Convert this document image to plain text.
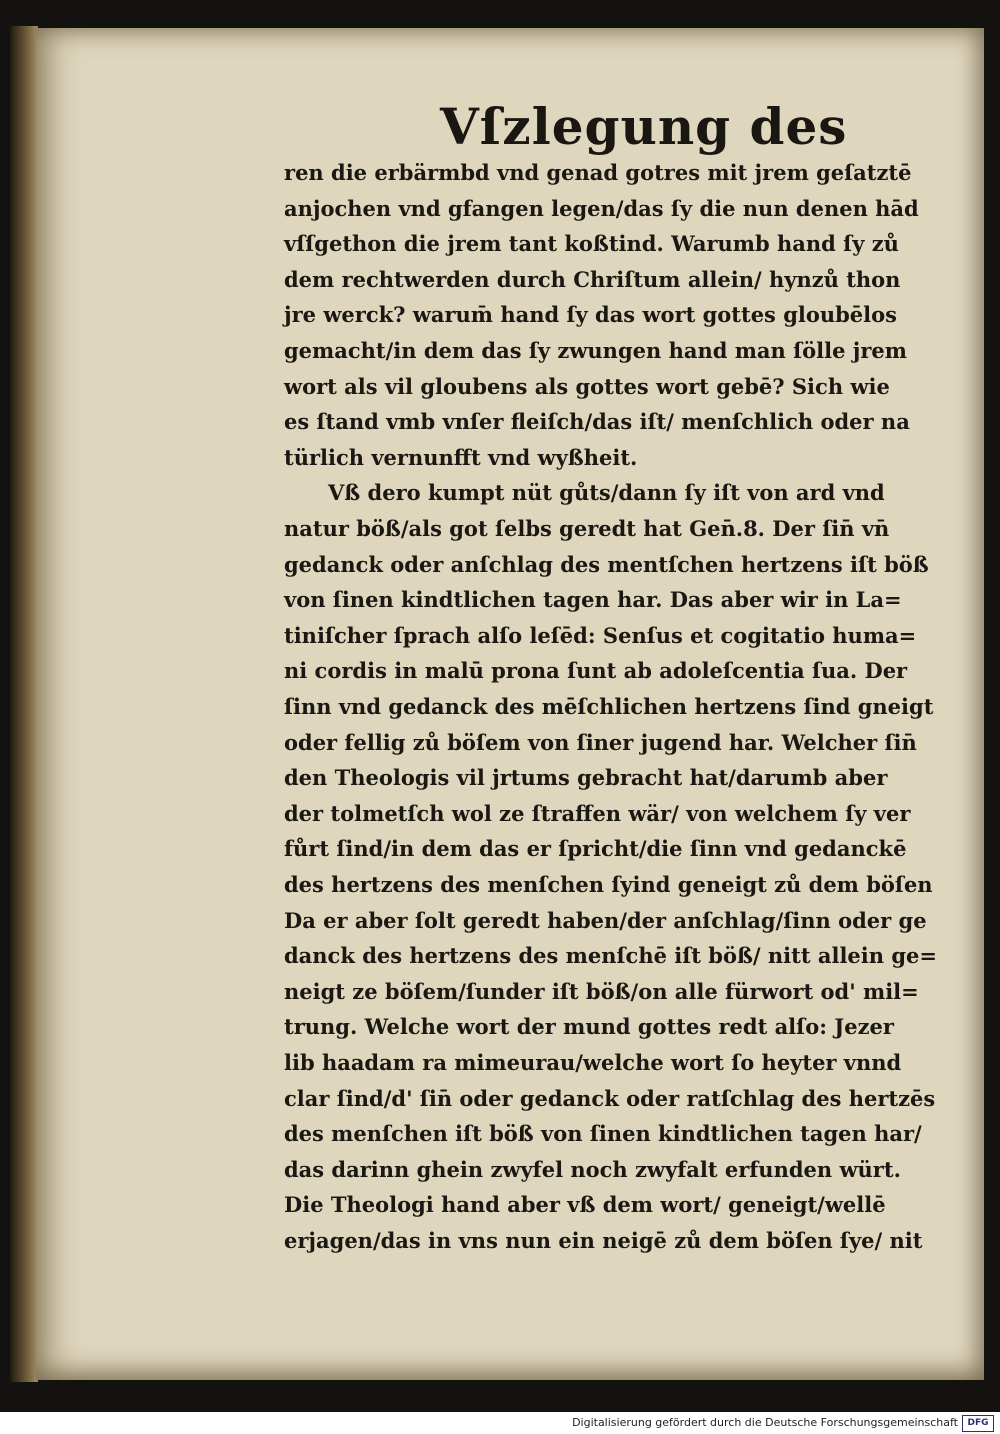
Vſzlegung des
ren die erbärmbd vnd genad gotres mit jrem geſatztē
anjochen vnd gfangen legen/das ſy die nun denen hād
vſſgethon die jrem tant koßtind. Warumb hand ſy zů
dem rechtwerden durch Chriſtum allein/ hynzů thon
jre werck? warum̄ hand ſy das wort gottes gloubēlos
gemacht/in dem das ſy zwungen hand man ſölle jrem
wort als vil gloubens als gottes wort gebē? Sich wie
es ſtand vmb vnſer fleiſch/das iſt/ menſchlich oder na
türlich vernunfft vnd wyßheit.
Vß dero kumpt nüt gůts/dann ſy iſt von ard vnd
natur böß/als got ſelbs geredt hat Gen̄.8. Der ſin̄ vn̄
gedanck oder anſchlag des mentſchen hertzens iſt böß
von ſinen kindtlichen tagen har. Das aber wir in La=
tiniſcher ſprach alſo leſēd: Senſus et cogitatio huma=
ni cordis in malū prona ſunt ab adoleſcentia ſua. Der
ſinn vnd gedanck des mēſchlichen hertzens ſind gneigt
oder fellig zů böſem von ſiner jugend har. Welcher ſin̄
den Theologis vil jrtums gebracht hat/darumb aber
der tolmetſch wol ze ſtraffen wär/ von welchem ſy ver
fůrt ſind/in dem das er ſpricht/die ſinn vnd gedanckē
des hertzens des menſchen ſyind geneigt zů dem böſen
Da er aber ſolt geredt haben/der anſchlag/ſinn oder ge
danck des hertzens des menſchē iſt böß/ nitt allein ge=
neigt ze böſem/ſunder iſt böß/on alle fürwort od' mil=
trung. Welche wort der mund gottes redt alſo: Jezer
lib haadam ra mimeurau/welche wort ſo heyter vnnd
clar ſind/d' ſin̄ oder gedanck oder ratſchlag des hertzēs
des menſchen iſt böß von ſinen kindtlichen tagen har/
das darinn ghein zwyfel noch zwyfalt erfunden würt.
Die Theologi hand aber vß dem wort/ geneigt/wellē
erjagen/das in vns nun ein neigē zů dem böſen ſye/ nit
Digitalisierung gefördert durch die Deutsche Forschungsgemeinschaft	DFG
